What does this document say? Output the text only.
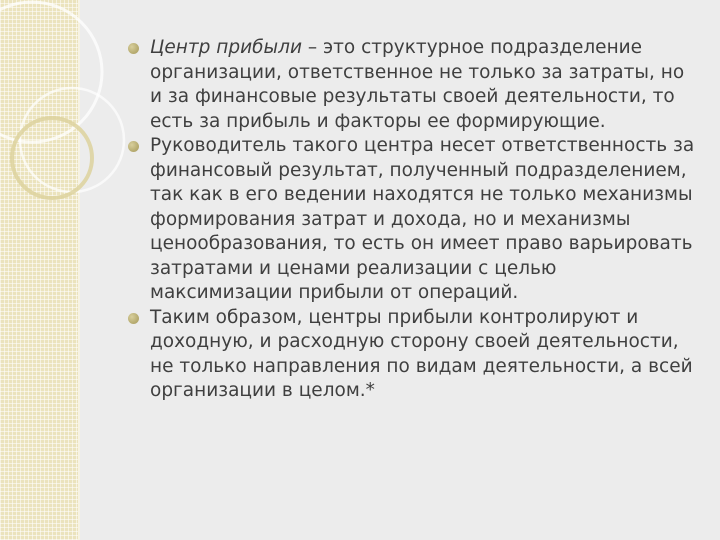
Центр прибыли – это структурное подразделение организации, ответственное не только за затраты, но и за финансовые результаты своей деятельности, то есть за прибыль и факторы ее формирующие.
Руководитель такого центра несет ответственность за финансовый результат, полученный подразделением, так как в его ведении находятся не только механизмы формирования затрат и дохода, но и механизмы ценообразования, то есть он имеет право варьировать затратами и ценами реализации с целью максимизации прибыли от операций.
Таким образом, центры прибыли контролируют и доходную, и расходную сторону своей деятельности, не только направления по видам деятельности, а всей организации в целом.*
